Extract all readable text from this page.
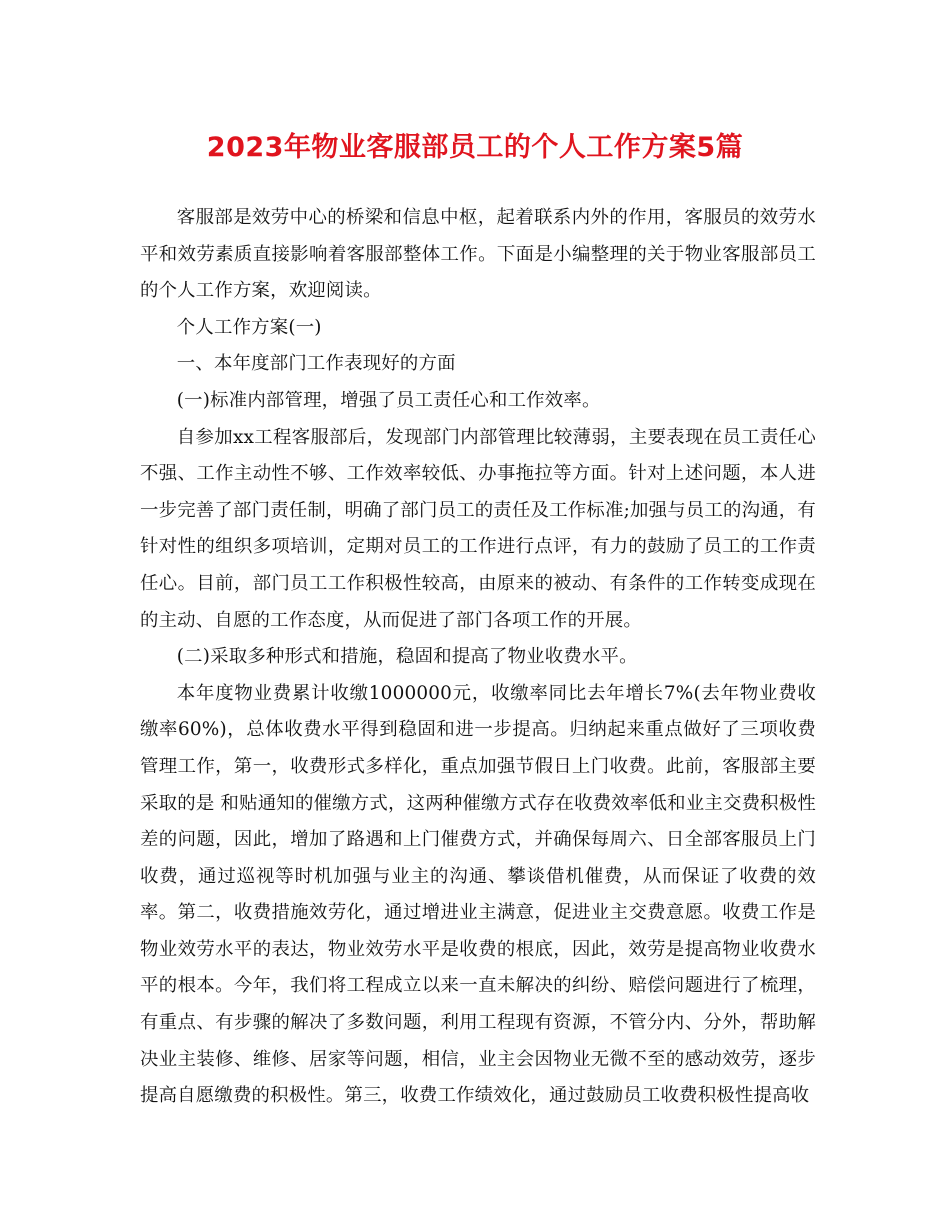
2023年物业客服部员工的个人工作方案5篇

客服部是效劳中心的桥梁和信息中枢，起着联系内外的作用，客服员的效劳水平和效劳素质直接影响着客服部整体工作。下面是小编整理的关于物业客服部员工的个人工作方案，欢迎阅读。

个人工作方案(一)

一、本年度部门工作表现好的方面

(一)标准内部管理，增强了员工责任心和工作效率。

自参加xx工程客服部后，发现部门内部管理比较薄弱，主要表现在员工责任心不强、工作主动性不够、工作效率较低、办事拖拉等方面。针对上述问题，本人进一步完善了部门责任制，明确了部门员工的责任及工作标准;加强与员工的沟通，有针对性的组织多项培训，定期对员工的工作进行点评，有力的鼓励了员工的工作责任心。目前，部门员工工作积极性较高，由原来的被动、有条件的工作转变成现在的主动、自愿的工作态度，从而促进了部门各项工作的开展。

(二)采取多种形式和措施，稳固和提高了物业收费水平。

本年度物业费累计收缴1000000元，收缴率同比去年增长7%(去年物业费收缴率60%)，总体收费水平得到稳固和进一步提高。归纳起来重点做好了三项收费管理工作，第一，收费形式多样化，重点加强节假日上门收费。此前，客服部主要采取的是 和贴通知的催缴方式，这两种催缴方式存在收费效率低和业主交费积极性差的问题，因此，增加了路遇和上门催费方式，并确保每周六、日全部客服员上门收费，通过巡视等时机加强与业主的沟通、攀谈借机催费，从而保证了收费的效率。第二，收费措施效劳化，通过增进业主满意，促进业主交费意愿。收费工作是物业效劳水平的表达，物业效劳水平是收费的根底，因此，效劳是提高物业收费水平的根本。今年，我们将工程成立以来一直未解决的纠纷、赔偿问题进行了梳理，有重点、有步骤的解决了多数问题，利用工程现有资源，不管分内、分外，帮助解决业主装修、维修、居家等问题，相信，业主会因物业无微不至的感动效劳，逐步提高自愿缴费的积极性。第三，收费工作绩效化，通过鼓励员工收费积极性提高收
